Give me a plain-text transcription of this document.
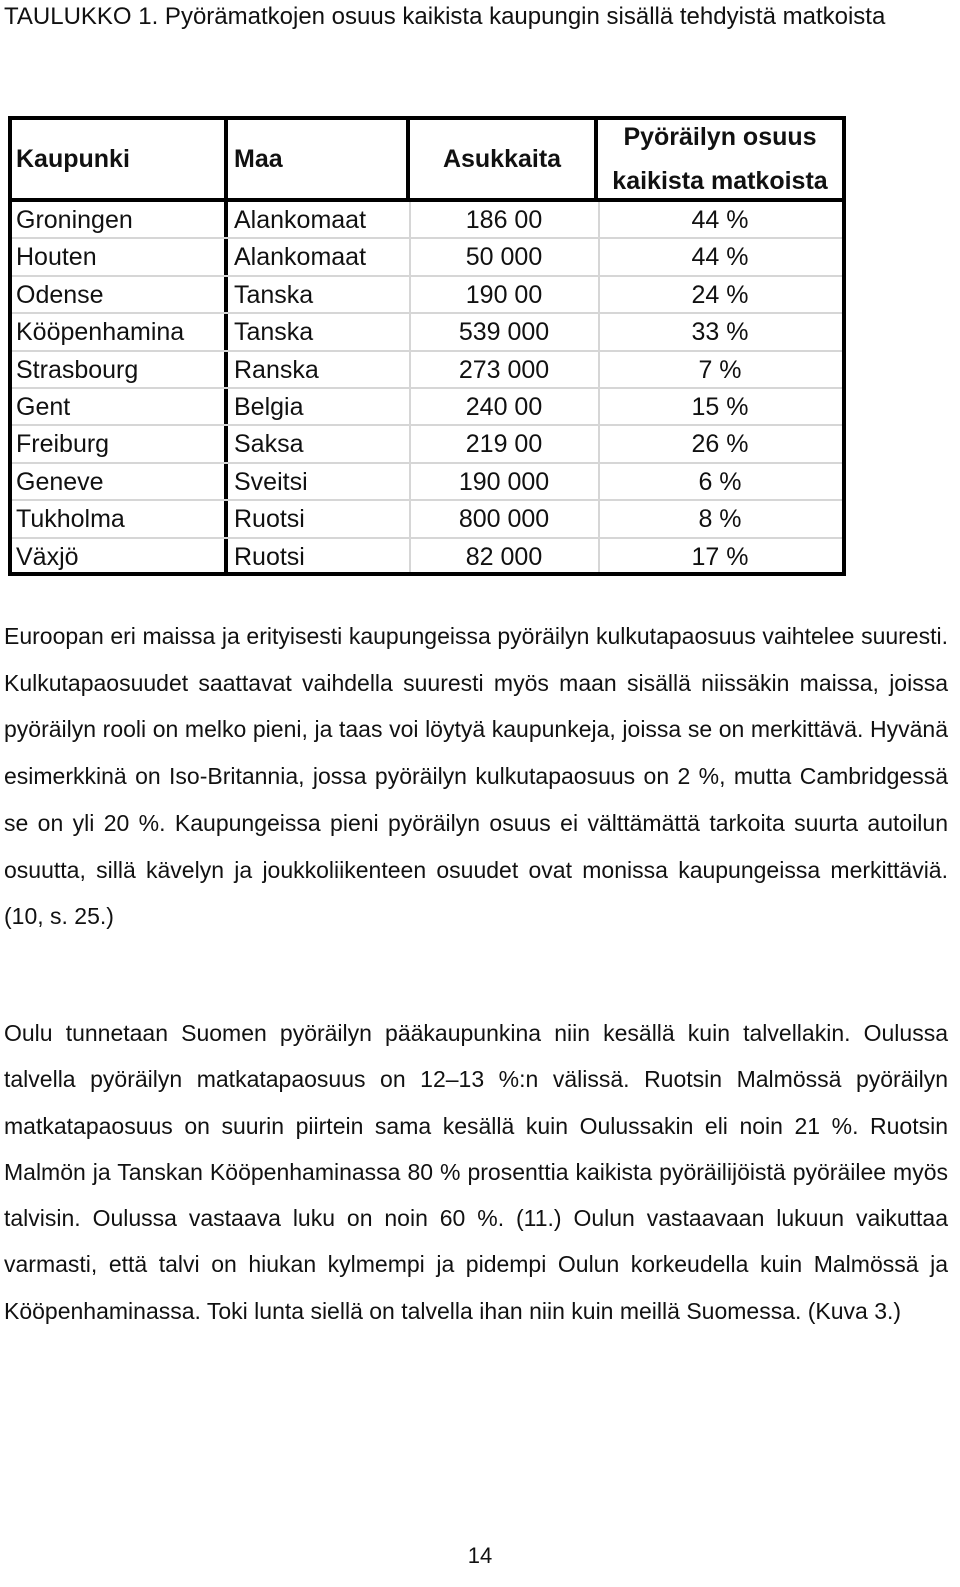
TAULUKKO 1. Pyörämatkojen osuus kaikista kaupungin sisällä tehdyistä matkoista

Kaupunki	Maa	Asukkaita
Pyöräilyn osuus
kaikista matkoista
Groningen	Alankomaat	186 00	44 %
Houten	Alankomaat	50 000	44 %
Odense	Tanska	190 00	24 %
Kööpenhamina Tanska	539 000	33 %
Strasbourg	Ranska	273 000	7 %
Gent	Belgia	240 00	15 %
Freiburg	Saksa	219 00	26 %
Geneve	Sveitsi	190 000	6 %
Tukholma	Ruotsi	800 000	8 %
Växjö	Ruotsi	82 000	17 %

Euroopan eri maissa ja erityisesti kaupungeissa pyöräilyn kulkutapaosuus vaihtelee suuresti. Kulkutapaosuudet saattavat vaihdella suuresti myös maan sisällä niissäkin maissa, joissa pyöräilyn rooli on melko pieni, ja taas voi löytyä kaupunkeja, joissa se on merkittävä. Hyvänä esimerkkinä on Iso-Britannia, jossa pyöräilyn kulkutapaosuus on 2 %, mutta Cambridgessä se on yli 20 %. Kaupungeissa pieni pyöräilyn osuus ei välttämättä tarkoita suurta autoilun osuutta, sillä kävelyn ja joukkoliikenteen osuudet ovat monissa kaupungeissa merkittäviä. (10, s. 25.)

Oulu tunnetaan Suomen pyöräilyn pääkaupunkina niin kesällä kuin talvellakin. Oulussa talvella pyöräilyn matkatapaosuus on 12–13 %:n välissä. Ruotsin Malmössä pyöräilyn matkatapaosuus on suurin piirtein sama kesällä kuin Oulussakin eli noin 21 %. Ruotsin Malmön ja Tanskan Kööpenhaminassa 80 % prosenttia kaikista pyöräilijöistä pyöräilee myös talvisin. Oulussa vastaava luku on noin 60 %. (11.) Oulun vastaavaan lukuun vaikuttaa varmasti, että talvi on hiukan kylmempi ja pidempi Oulun korkeudella kuin Malmössä ja Kööpenhaminassa. Toki lunta siellä on talvella ihan niin kuin meillä Suomessa. (Kuva 3.)

14
